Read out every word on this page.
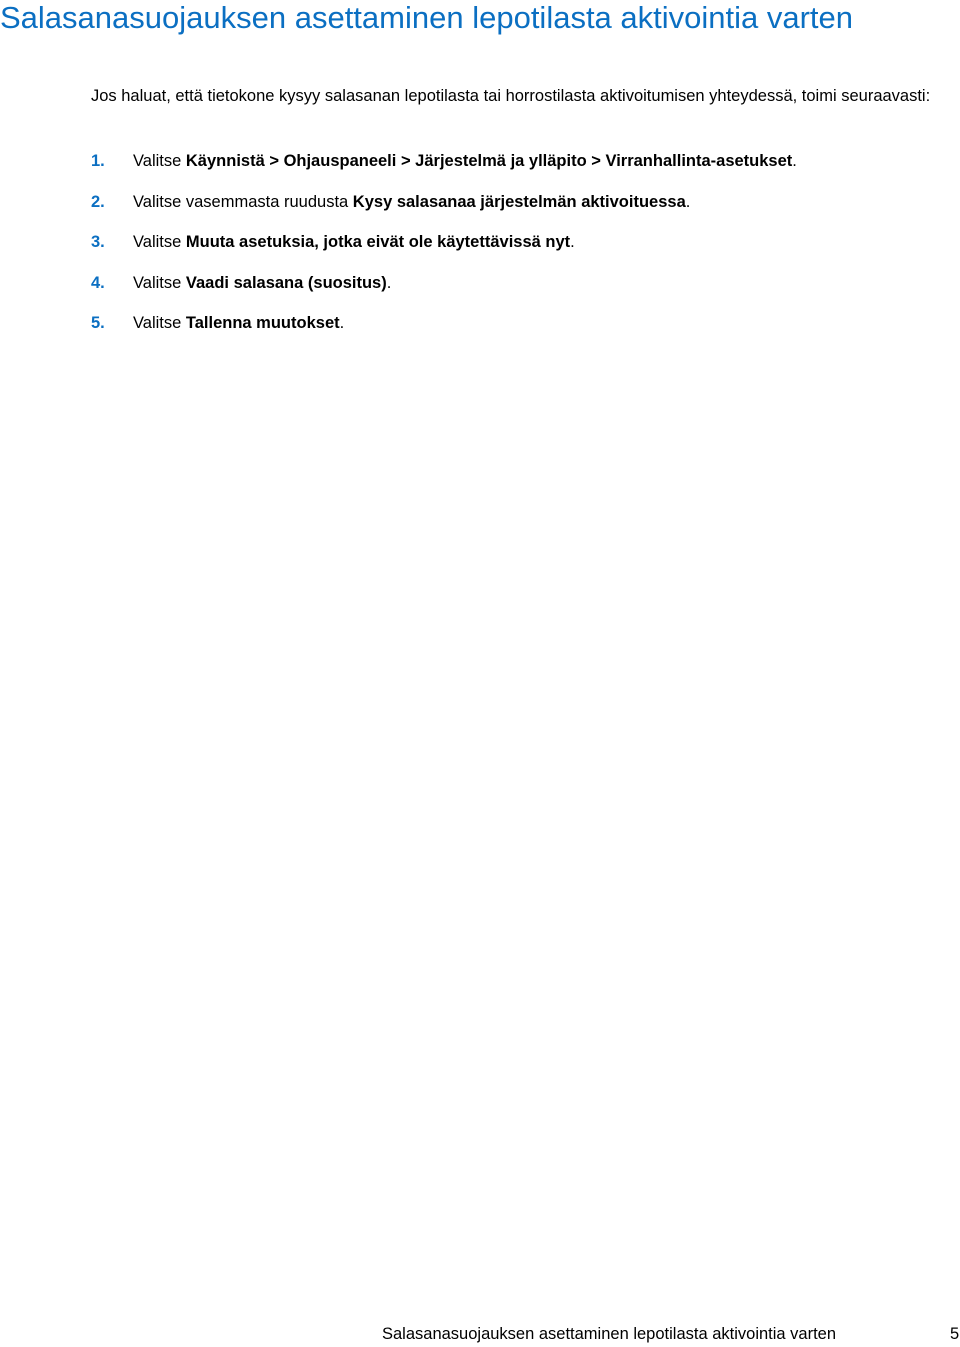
Salasanasuojauksen asettaminen lepotilasta aktivointia varten

Jos haluat, että tietokone kysyy salasanan lepotilasta tai horrostilasta aktivoitumisen yhteydessä, toimi seuraavasti:

1. Valitse Käynnistä > Ohjauspaneeli > Järjestelmä ja ylläpito > Virranhallinta-asetukset.
2. Valitse vasemmasta ruudusta Kysy salasanaa järjestelmän aktivoituessa.
3. Valitse Muuta asetuksia, jotka eivät ole käytettävissä nyt.
4. Valitse Vaadi salasana (suositus).
5. Valitse Tallenna muutokset.
Salasanasuojauksen asettaminen lepotilasta aktivointia varten	5
